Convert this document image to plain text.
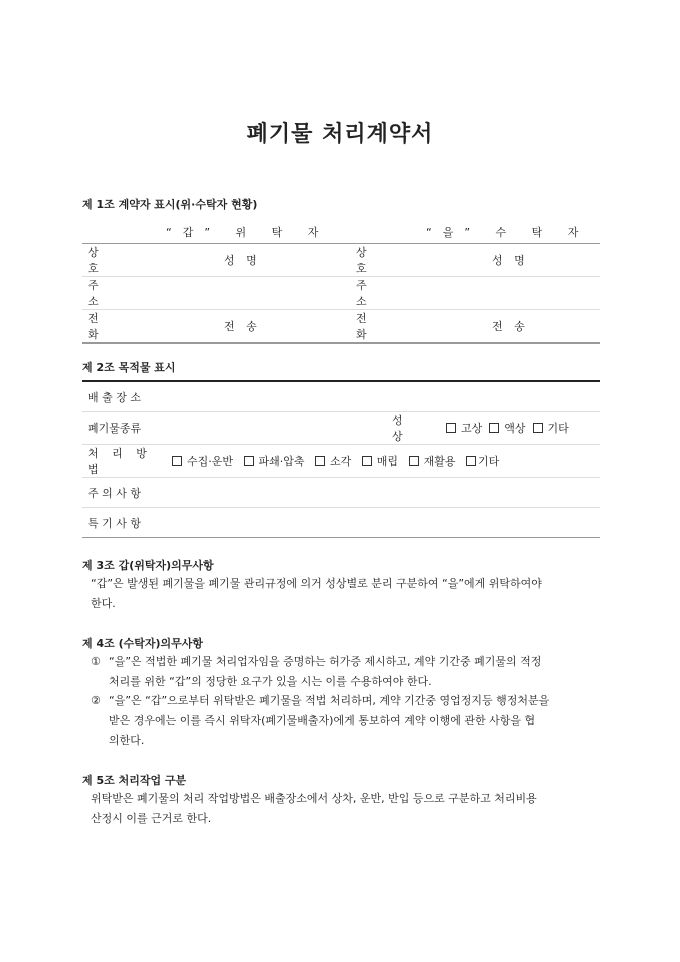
폐기물 처리계약서
제 1조 계약자 표시(위·수탁자 현황)
“갑” 위 탁 자	“을” 수 탁 자
상 호		성 명		상 호		성 명	
주 소				주 소			
전 화		전 송		전 화		전 송	
제 2조 목적물 표시
배 출 장 소			
폐기물종류		성 상	고상 액상 기타
처 리 방 법	수집·운반 파쇄·압축 소각 매립 재활용 기타		
주 의 사 항			
특 기 사 항			
제 3조 갑(위탁자)의무사항
“갑”은 발생된 폐기물을 폐기물 관리규정에 의거 성상별로 분리 구분하여 “을”에게 위탁하여야
한다.
제 4조 (수탁자)의무사항
① “을”은 적법한 폐기물 처리업자임을 증명하는 허가증 제시하고, 계약 기간중 폐기물의 적정
처리를 위한 “갑”의 정당한 요구가 있을 시는 이를 수용하여야 한다.
② “을”은 “갑”으로부터 위탁받은 폐기물을 적법 처리하며, 계약 기간중 영업정지등 행정처분을
받은 경우에는 이를 즉시 위탁자(폐기물배출자)에게 통보하여 계약 이행에 관한 사항을 협
의한다.
제 5조 처리작업 구분
위탁받은 폐기물의 처리 작업방법은 배출장소에서 상차, 운반, 반입 등으로 구분하고 처리비용
산정시 이를 근거로 한다.
